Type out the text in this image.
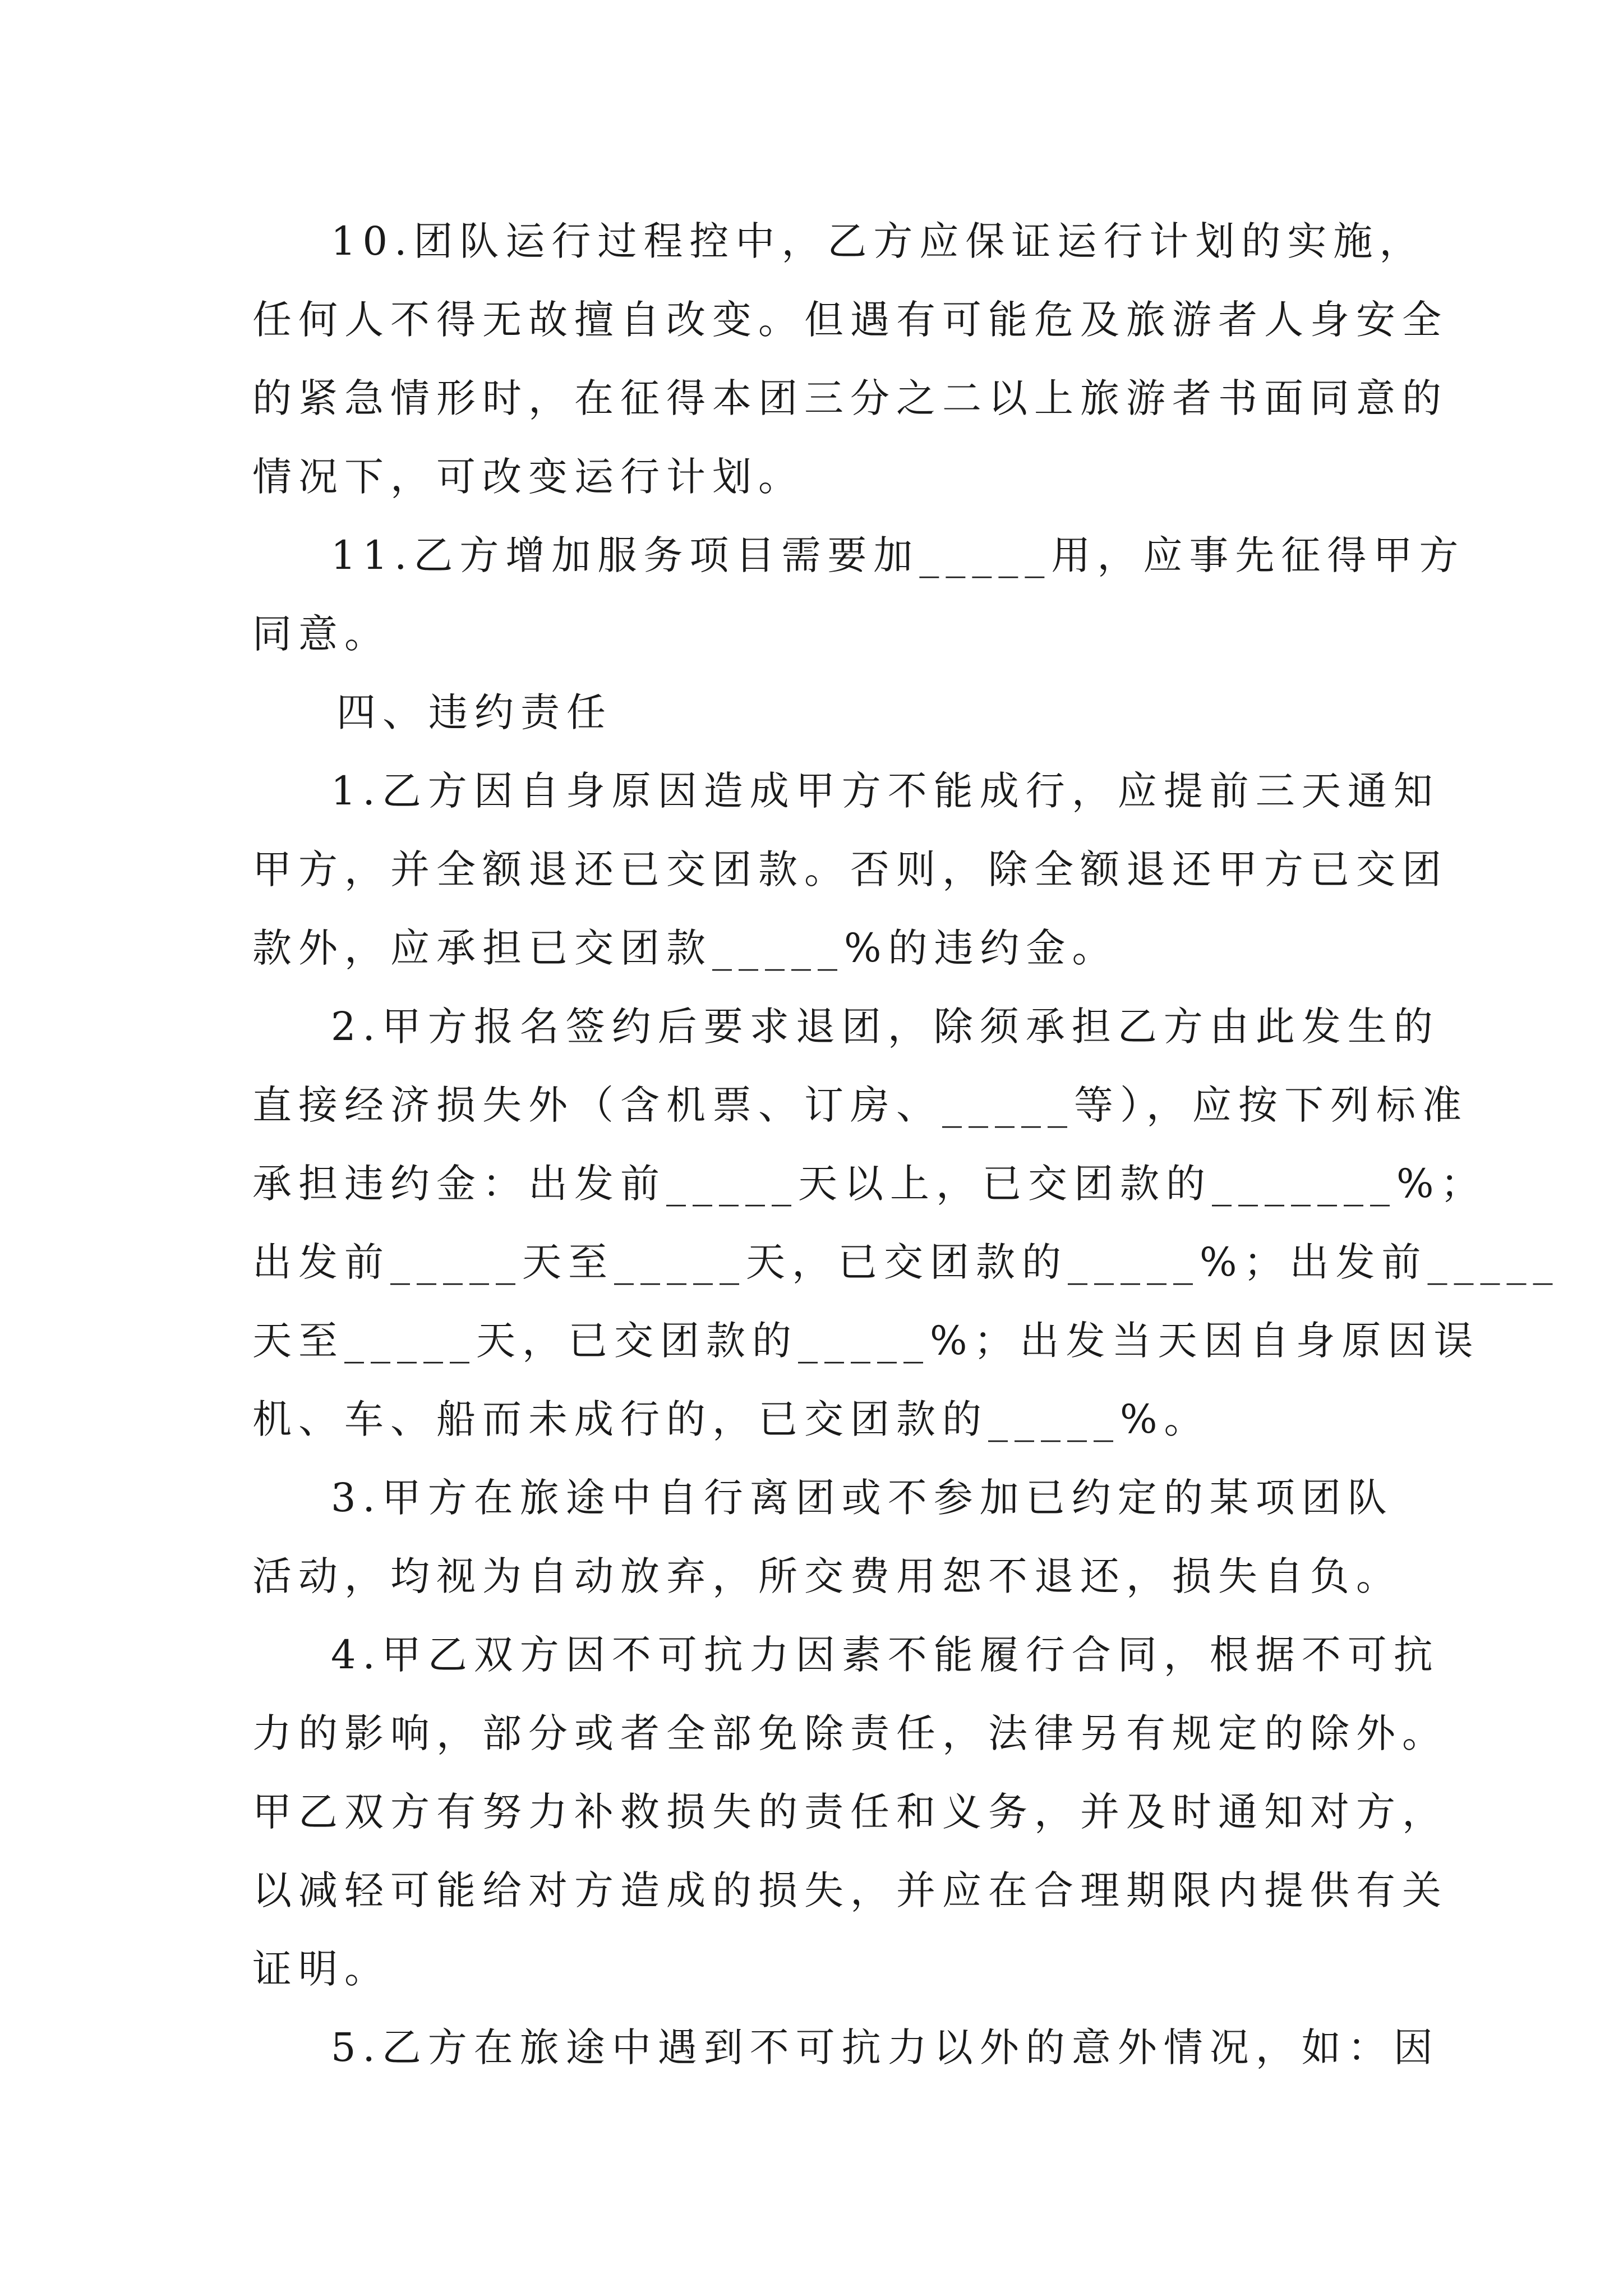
10.团队运行过程控中，乙方应保证运行计划的实施，
任何人不得无故擅自改变。但遇有可能危及旅游者人身安全
的紧急情形时，在征得本团三分之二以上旅游者书面同意的
情况下，可改变运行计划。
11.乙方增加服务项目需要加_____用，应事先征得甲方
同意。
四、违约责任
1.乙方因自身原因造成甲方不能成行，应提前三天通知
甲方，并全额退还已交团款。否则，除全额退还甲方已交团
款外，应承担已交团款_____%的违约金。
2.甲方报名签约后要求退团，除须承担乙方由此发生的
直接经济损失外（含机票、订房、_____等），应按下列标准
承担违约金：出发前_____天以上，已交团款的_______%；
出发前_____天至_____天，已交团款的_____%；出发前_____
天至_____天，已交团款的_____%；出发当天因自身原因误
机、车、船而未成行的，已交团款的_____%。
3.甲方在旅途中自行离团或不参加已约定的某项团队
活动，均视为自动放弃，所交费用恕不退还，损失自负。
4.甲乙双方因不可抗力因素不能履行合同，根据不可抗
力的影响，部分或者全部免除责任，法律另有规定的除外。
甲乙双方有努力补救损失的责任和义务，并及时通知对方，
以减轻可能给对方造成的损失，并应在合理期限内提供有关
证明。
5.乙方在旅途中遇到不可抗力以外的意外情况，如：因
